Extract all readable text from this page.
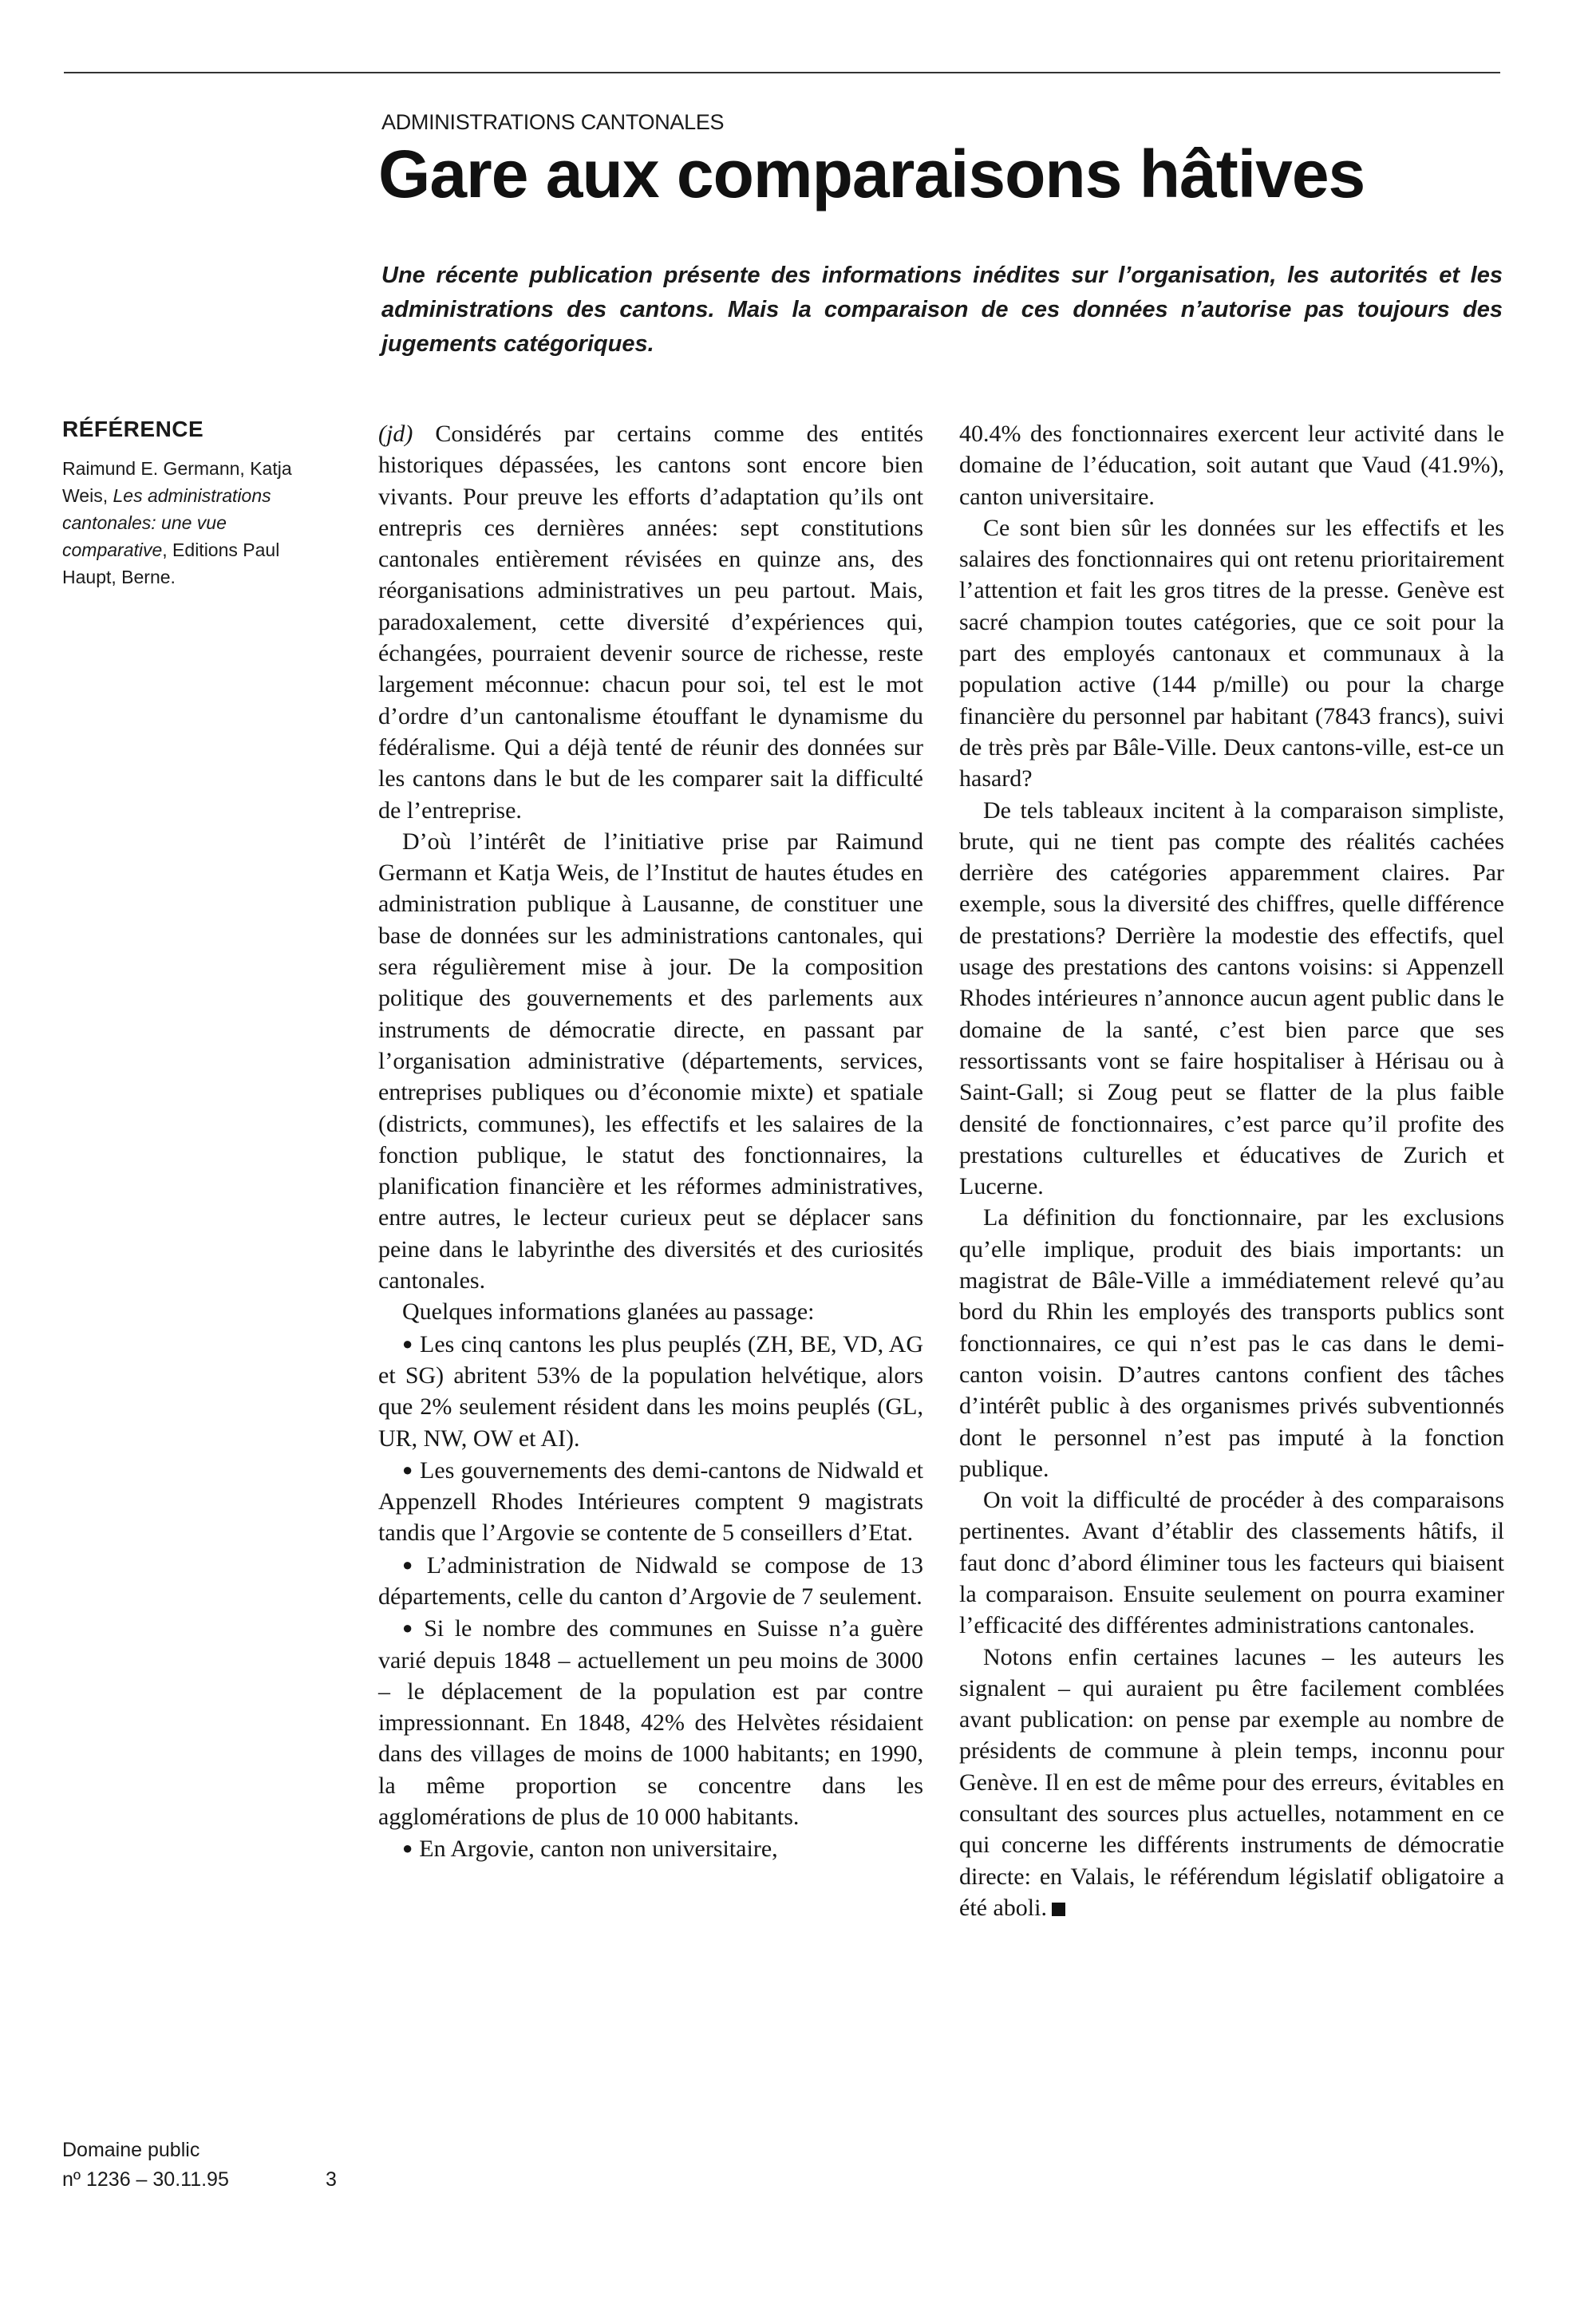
ADMINISTRATIONS CANTONALES
Gare aux comparaisons hâtives
Une récente publication présente des informations inédites sur l’organisation, les autorités et les administrations des cantons. Mais la comparaison de ces données n’autorise pas toujours des jugements catégoriques.
RÉFÉRENCE
Raimund E. Germann, Katja Weis, Les administrations cantonales: une vue comparative, Editions Paul Haupt, Berne.

(jd) Considérés par certains comme des entités historiques dépassées, les cantons sont encore bien vivants. Pour preuve les efforts d’adaptation qu’ils ont entrepris ces dernières années: sept constitutions cantonales entièrement révisées en quinze ans, des réorganisations administratives un peu partout. Mais, paradoxalement, cette diversité d’expériences qui, échangées, pourraient devenir source de richesse, reste largement méconnue: chacun pour soi, tel est le mot d’ordre d’un cantonalisme étouffant le dynamisme du fédéralisme. Qui a déjà tenté de réunir des données sur les cantons dans le but de les comparer sait la difficulté de l’entreprise.

D’où l’intérêt de l’initiative prise par Raimund Germann et Katja Weis, de l’Institut de hautes études en administration publique à Lausanne, de constituer une base de données sur les administrations cantonales, qui sera régulièrement mise à jour. De la composition politique des gouvernements et des parlements aux instruments de démocratie directe, en passant par l’organisation administrative (départements, services, entreprises publiques ou d’économie mixte) et spatiale (districts, communes), les effectifs et les salaires de la fonction publique, le statut des fonctionnaires, la planification financière et les réformes administratives, entre autres, le lecteur curieux peut se déplacer sans peine dans le labyrinthe des diversités et des curiosités cantonales.

Quelques informations glanées au passage:

● Les cinq cantons les plus peuplés (ZH, BE, VD, AG et SG) abritent 53% de la population helvétique, alors que 2% seulement résident dans les moins peuplés (GL, UR, NW, OW et AI).

● Les gouvernements des demi-cantons de Nidwald et Appenzell Rhodes Intérieures comptent 9 magistrats tandis que l’Argovie se contente de 5 conseillers d’Etat.

● L’administration de Nidwald se compose de 13 départements, celle du canton d’Argovie de 7 seulement.

● Si le nombre des communes en Suisse n’a guère varié depuis 1848 – actuellement un peu moins de 3000 – le déplacement de la population est par contre impressionnant. En 1848, 42% des Helvètes résidaient dans des villages de moins de 1000 habitants; en 1990, la même proportion se concentre dans les agglomérations de plus de 10 000 habitants.

● En Argovie, canton non universitaire,

40.4% des fonctionnaires exercent leur activité dans le domaine de l’éducation, soit autant que Vaud (41.9%), canton universitaire.

Ce sont bien sûr les données sur les effectifs et les salaires des fonctionnaires qui ont retenu prioritairement l’attention et fait les gros titres de la presse. Genève est sacré champion toutes catégories, que ce soit pour la part des employés cantonaux et communaux à la population active (144 p/mille) ou pour la charge financière du personnel par habitant (7843 francs), suivi de très près par Bâle-Ville. Deux cantons-ville, est-ce un hasard?

De tels tableaux incitent à la comparaison simpliste, brute, qui ne tient pas compte des réalités cachées derrière des catégories apparemment claires. Par exemple, sous la diversité des chiffres, quelle différence de prestations? Derrière la modestie des effectifs, quel usage des prestations des cantons voisins: si Appenzell Rhodes intérieures n’annonce aucun agent public dans le domaine de la santé, c’est bien parce que ses ressortissants vont se faire hospitaliser à Hérisau ou à Saint-Gall; si Zoug peut se flatter de la plus faible densité de fonctionnaires, c’est parce qu’il profite des prestations culturelles et éducatives de Zurich et Lucerne.

La définition du fonctionnaire, par les exclusions qu’elle implique, produit des biais importants: un magistrat de Bâle-Ville a immédiatement relevé qu’au bord du Rhin les employés des transports publics sont fonctionnaires, ce qui n’est pas le cas dans le demi-canton voisin. D’autres cantons confient des tâches d’intérêt public à des organismes privés subventionnés dont le personnel n’est pas imputé à la fonction publique.

On voit la difficulté de procéder à des comparaisons pertinentes. Avant d’établir des classements hâtifs, il faut donc d’abord éliminer tous les facteurs qui biaisent la comparaison. Ensuite seulement on pourra examiner l’efficacité des différentes administrations cantonales.

Notons enfin certaines lacunes – les auteurs les signalent – qui auraient pu être facilement comblées avant publication: on pense par exemple au nombre de présidents de commune à plein temps, inconnu pour Genève. Il en est de même pour des erreurs, évitables en consultant des sources plus actuelles, notamment en ce qui concerne les différents instruments de démocratie directe: en Valais, le référendum législatif obligatoire a été aboli.

Domaine public
nº 1236 – 30.11.95	3
